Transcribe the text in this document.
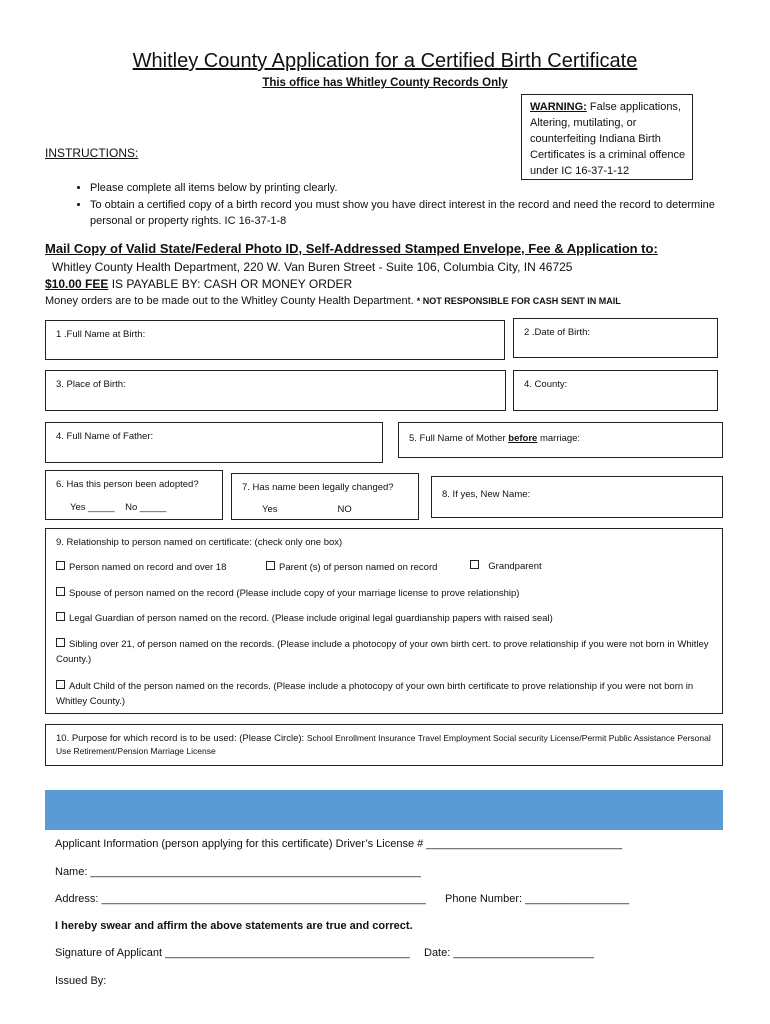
Whitley County Application for a Certified Birth Certificate
This office has Whitley County Records Only
WARNING: False applications, Altering, mutilating, or counterfeiting Indiana Birth Certificates is a criminal offence under IC 16-37-1-12
INSTRUCTIONS:
• Please complete all items below by printing clearly.
• To obtain a certified copy of a birth record you must show you have direct interest in the record and need the record to determine personal or property rights. IC 16-37-1-8
Mail Copy of Valid State/Federal Photo ID, Self-Addressed Stamped Envelope, Fee & Application to:
Whitley County Health Department, 220 W. Van Buren Street - Suite 106, Columbia City, IN 46725
$10.00 FEE IS PAYABLE BY: CASH OR MONEY ORDER
Money orders are to be made out to the Whitley County Health Department. * NOT RESPONSIBLE FOR CASH SENT IN MAIL
1 .Full Name at Birth:	2 .Date of Birth:
3. Place of Birth:	4. County:
4. Full Name of Father:	5. Full Name of Mother before marriage:
6. Has this person been adopted?
Yes _____ No _____
7. Has name been legally changed?
Yes	NO
8. If yes, New Name:
9. Relationship to person named on certificate: (check only one box)
Person named on record and over 18	Parent (s) of person named on record	Grandparent
Spouse of person named on the record (Please include copy of your marriage license to prove relationship)
Legal Guardian of person named on the record. (Please include original legal guardianship papers with raised seal)
Sibling over 21, of person named on the records. (Please include a photocopy of your own birth cert. to prove relationship if you were not born in Whitley County.)
Adult Child of the person named on the records. (Please include a photocopy of your own birth certificate to prove relationship if you were not born in Whitley County.)
10. Purpose for which record is to be used: (Please Circle): School Enrollment Insurance Travel Employment Social security License/Permit Public Assistance Personal Use Retirement/Pension Marriage License
Applicant Information (person applying for this certificate) Driver’s License # ________________________________
Name: ______________________________________________________
Address: _____________________________________________________ Phone Number: _________________
I hereby swear and affirm the above statements are true and correct.
Signature of Applicant ________________________________________ Date: _______________________
Issued By:
